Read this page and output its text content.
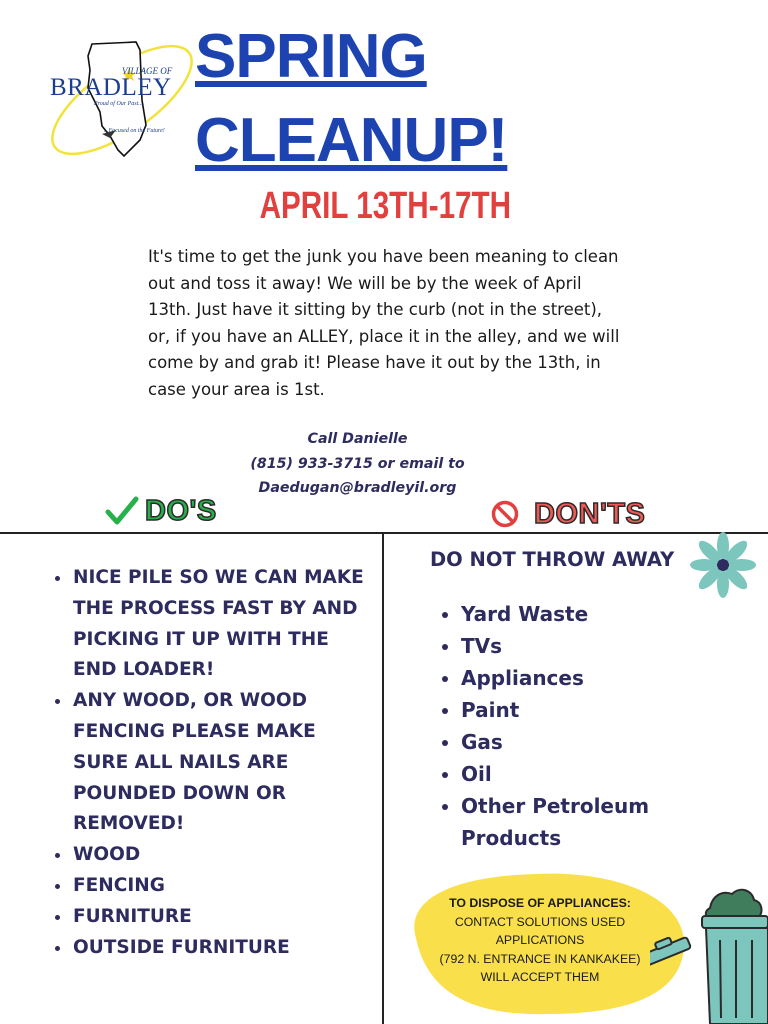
VILLAGE OF
BRADLEY
Proud of Our Past...
...Focused on the Future!
SPRING
CLEANUP!
APRIL 13TH-17TH
It's time to get the junk you have been meaning to clean out and toss it away! We will be by the week of April 13th. Just have it sitting by the curb (not in the street), or, if you have an ALLEY, place it in the alley, and we will come by and grab it! Please have it out by the 13th, in case your area is 1st.
Call Danielle
(815) 933-3715 or email to
Daedugan@bradleyil.org
DO'S	DON'TS
• NICE PILE SO WE CAN MAKE THE PROCESS FAST BY AND PICKING IT UP WITH THE END LOADER!
• ANY WOOD, OR WOOD FENCING PLEASE MAKE SURE ALL NAILS ARE POUNDED DOWN OR REMOVED!
• WOOD
• FENCING
• FURNITURE
• OUTSIDE FURNITURE
DO NOT THROW AWAY
• Yard Waste
• TVs
• Appliances
• Paint
• Gas
• Oil
• Other Petroleum Products
TO DISPOSE OF APPLIANCES:
CONTACT SOLUTIONS USED
APPLICATIONS
(792 N. ENTRANCE IN KANKAKEE)
WILL ACCEPT THEM
